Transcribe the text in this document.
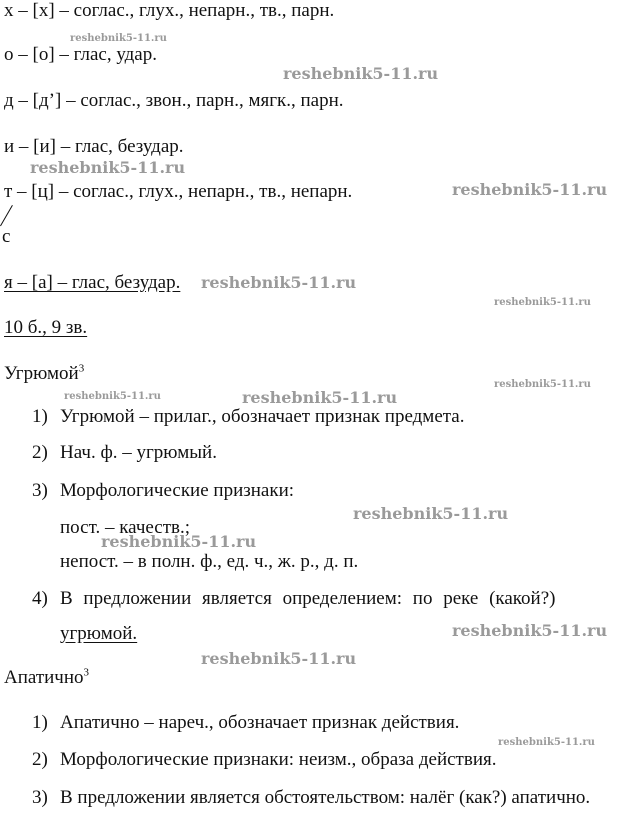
х – [х] – соглас., глух., непарн., тв., парн.
о – [о] – глас, удар.
д – [д’] – соглас., звон., парн., мягк., парн.
и – [и] – глас, безудар.
т – [ц] – соглас., глух., непарн., тв., непарн.
с
я – [а] – глас, безудар.
10 б., 9 зв.
Угрюмой$^3$
1) Угрюмой – прилаг., обозначает признак предмета.
2) Нач. ф. – угрюмый.
3) Морфологические признаки:
пост. – качеств.;
непост. – в полн. ф., ед. ч., ж. р., д. п.
4) В предложении является определением: по реке (какой?)
угрюмой.
Апатично$^3$
1) Апатично – нареч., обозначает признак действия.
2) Морфологические признаки: неизм., образа действия.
3) В предложении является обстоятельством: налёг (как?) апатично.
reshebnik5-11.ru
reshebnik5-11.ru
reshebnik5-11.ru
reshebnik5-11.ru
reshebnik5-11.ru
reshebnik5-11.ru
reshebnik5-11.ru
reshebnik5-11.ru	reshebnik5-11.ru
reshebnik5-11.ru
reshebnik5-11.ru
reshebnik5-11.ru
reshebnik5-11.ru
reshebnik5-11.ru
